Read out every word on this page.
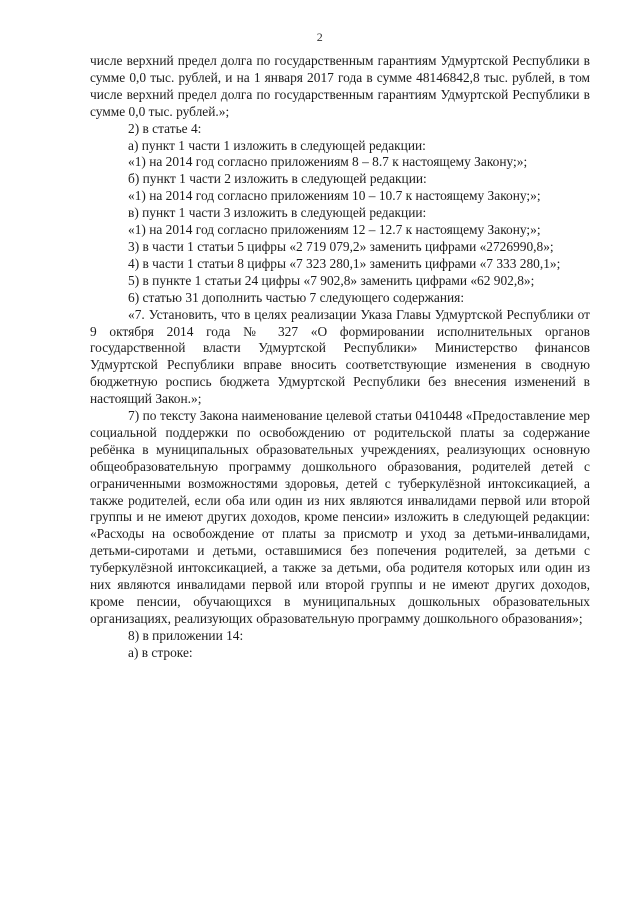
2

числе верхний предел долга по государственным гарантиям Удмуртской Республики в сумме 0,0 тыс. рублей, и на 1 января 2017 года в сумме 48146842,8 тыс. рублей, в том числе верхний предел долга по государственным гарантиям Удмуртской Республики в сумме 0,0 тыс. рублей.»;

2) в статье 4:

а) пункт 1 части 1 изложить в следующей редакции:

«1) на 2014 год согласно приложениям 8 – 8.7 к настоящему Закону;»;

б) пункт 1 части 2 изложить в следующей редакции:

«1) на 2014 год согласно приложениям 10 – 10.7 к настоящему Закону;»;

в) пункт 1 части 3 изложить в следующей редакции:

«1) на 2014 год согласно приложениям 12 – 12.7 к настоящему Закону;»;

3) в части 1 статьи 5 цифры «2 719 079,2» заменить цифрами «2726990,8»;

4) в части 1 статьи 8 цифры «7 323 280,1» заменить цифрами «7 333 280,1»;

5) в пункте 1 статьи 24 цифры «7 902,8» заменить цифрами «62 902,8»;

6) статью 31 дополнить частью 7 следующего содержания:

«7. Установить, что в целях реализации Указа Главы Удмуртской Республики от 9 октября 2014 года № 327 «О формировании исполнительных органов государственной власти Удмуртской Республики» Министерство финансов Удмуртской Республики вправе вносить соответствующие изменения в сводную бюджетную роспись бюджета Удмуртской Республики без внесения изменений в настоящий Закон.»;

7) по тексту Закона наименование целевой статьи 0410448 «Предоставление мер социальной поддержки по освобождению от родительской платы за содержание ребёнка в муниципальных образовательных учреждениях, реализующих основную общеобразовательную программу дошкольного образования, родителей детей с ограниченными возможностями здоровья, детей с туберкулёзной интоксикацией, а также родителей, если оба или один из них являются инвалидами первой или второй группы и не имеют других доходов, кроме пенсии» изложить в следующей редакции: «Расходы на освобождение от платы за присмотр и уход за детьми-инвалидами, детьми-сиротами и детьми, оставшимися без попечения родителей, за детьми с туберкулёзной интоксикацией, а также за детьми, оба родителя которых или один из них являются инвалидами первой или второй группы и не имеют других доходов, кроме пенсии, обучающихся в муниципальных дошкольных образовательных организациях, реализующих образовательную программу дошкольного образования»;

8) в приложении 14:

а) в строке:
